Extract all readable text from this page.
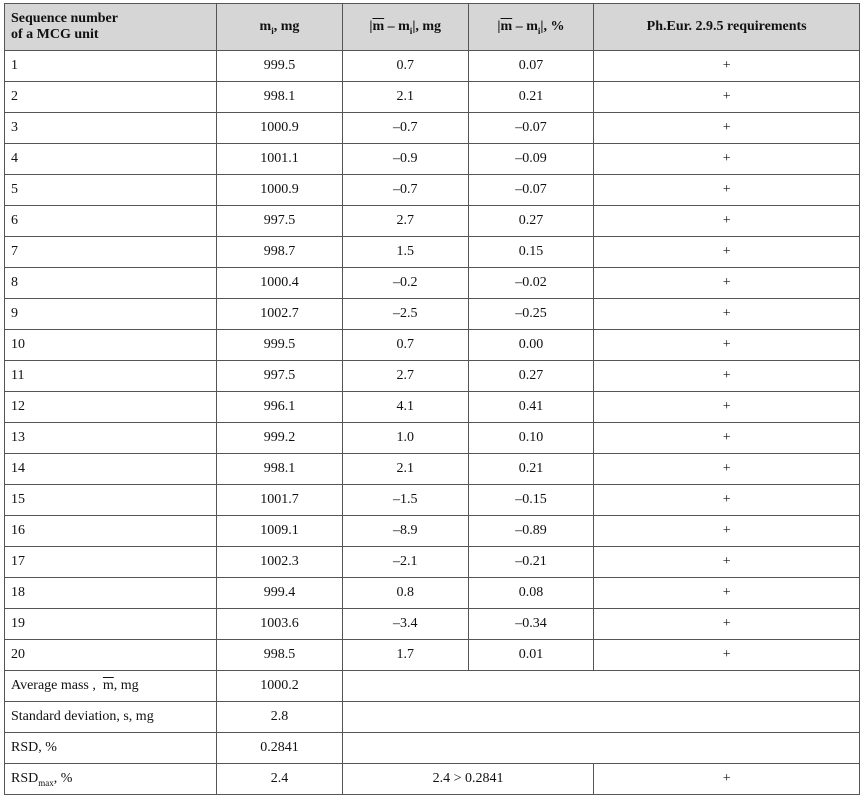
Sequence number
of a MCG unit	$m_i$, mg	$|\overline{m} - m_i|$, mg	$|\overline{m} - m_i|$, %	Ph.Eur. 2.9.5 requirements
1	999.5	0.7	0.07	+
2	998.1	2.1	0.21	+
3	1000.9	–0.7	–0.07	+
4	1001.1	–0.9	–0.09	+
5	1000.9	–0.7	–0.07	+
6	997.5	2.7	0.27	+
7	998.7	1.5	0.15	+
8	1000.4	–0.2	–0.02	+
9	1002.7	–2.5	–0.25	+
10	999.5	0.7	0.00	+
11	997.5	2.7	0.27	+
12	996.1	4.1	0.41	+
13	999.2	1.0	0.10	+
14	998.1	2.1	0.21	+
15	1001.7	–1.5	–0.15	+
16	1009.1	–8.9	–0.89	+
17	1002.3	–2.1	–0.21	+
18	999.4	0.8	0.08	+
19	1003.6	–3.4	–0.34	+
20	998.5	1.7	0.01	+
Average mass ,  $\overline{m}$, mg	1000.2			
Standard deviation, s, mg	2.8			
RSD, %	0.2841			
$RSD_{max}$, %	2.4	2.4 > 0.2841		+
